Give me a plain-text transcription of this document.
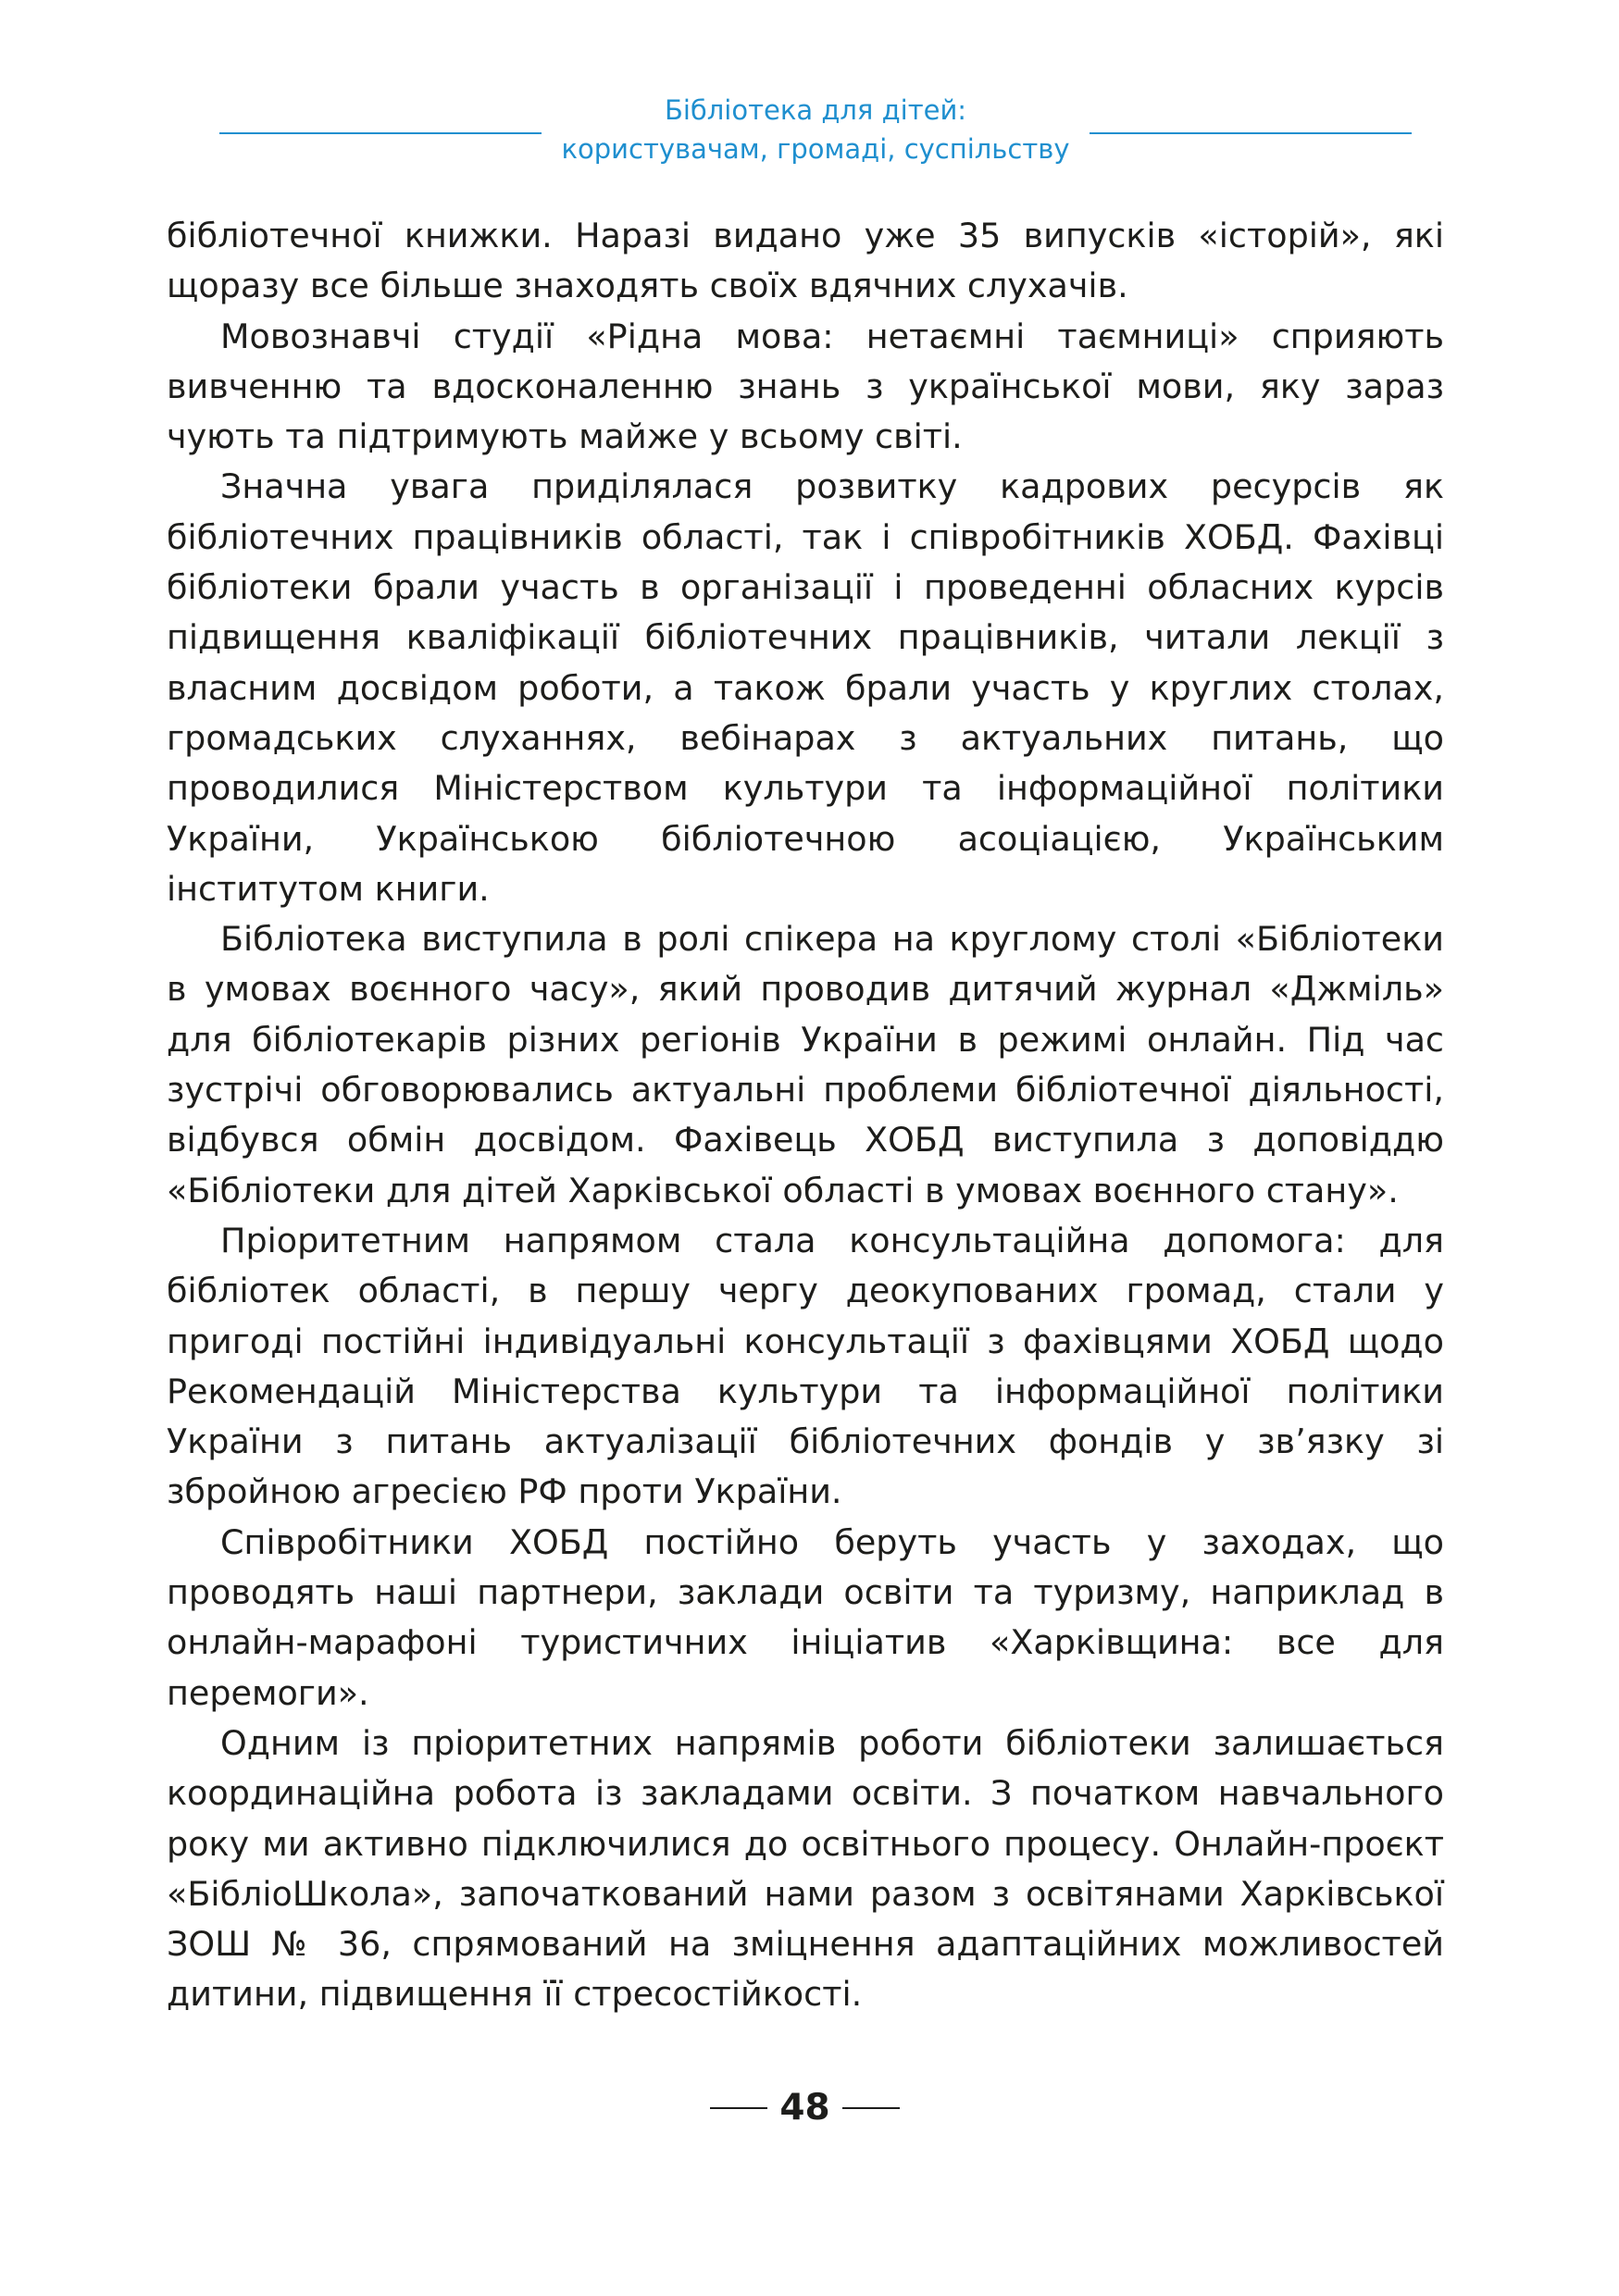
Бібліотека для дітей:
користувачам, громаді, суспільству

бібліотечної книжки. Наразі видано уже 35 випусків «історій», які щоразу все більше знаходять своїх вдячних слухачів.

Мовознавчі студії «Рідна мова: нетаємні таємниці» сприяють вивченню та вдосконаленню знань з української мови, яку зараз чують та підтримують майже у всьому світі.

Значна увага приділялася розвитку кадрових ресурсів як бібліотечних працівників області, так і співробітників ХОБД. Фахівці бібліотеки брали участь в організації і проведенні обласних курсів підвищення кваліфікації бібліотечних працівників, читали лекції з власним досвідом роботи, а також брали участь у круглих столах, громадських слуханнях, вебінарах з актуальних питань, що проводилися Міністерством культури та інформаційної політики України, Українською бібліотечною асоціацією, Українським інститутом книги.

Бібліотека виступила в ролі спікера на круглому столі «Бібліотеки в умовах воєнного часу», який проводив дитячий журнал «Джміль» для бібліотекарів різних регіонів України в режимі онлайн. Під час зустрічі обговорювались актуальні проблеми бібліотечної діяльності, відбувся обмін досвідом. Фахівець ХОБД виступила з доповіддю «Бібліотеки для дітей Харківської області в умовах воєнного стану».

Пріоритетним напрямом стала консультаційна допомога: для бібліотек області, в першу чергу деокупованих громад, стали у пригоді постійні індивідуальні консультації з фахівцями ХОБД щодо Рекомендацій Міністерства культури та інформаційної політики України з питань актуалізації бібліотечних фондів у зв’язку зі збройною агресією РФ проти України.

Співробітники ХОБД постійно беруть участь у заходах, що проводять наші партнери, заклади освіти та туризму, наприклад в онлайн-марафоні туристичних ініціатив «Харківщина: все для перемоги».

Одним із пріоритетних напрямів роботи бібліотеки залишається координаційна робота із закладами освіти. З початком навчального року ми активно підключилися до освітнього процесу. Онлайн-проєкт «БібліоШкола», започаткований нами разом з освітянами Харківської ЗОШ № 36, спрямований на зміцнення адаптаційних можливостей дитини, підвищення її стресостійкості.

48
